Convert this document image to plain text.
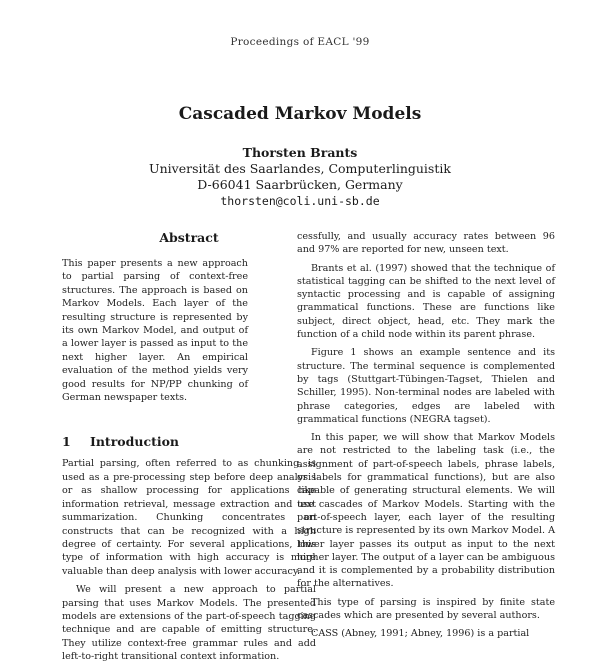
Proceedings of EACL '99
Cascaded Markov Models
Thorsten Brants
Universität des Saarlandes, Computerlinguistik
D-66041 Saarbrücken, Germany
thorsten@coli.uni-sb.de
Abstract

This paper presents a new approach to partial parsing of context-free structures. The approach is based on Markov Models. Each layer of the resulting structure is represented by its own Markov Model, and output of a lower layer is passed as input to the next higher layer. An empirical evaluation of the method yields very good results for NP/PP chunking of German newspaper texts.

1 Introduction

Partial parsing, often referred to as chunking, is used as a pre-processing step before deep analysis or as shallow processing for applications like information retrieval, message extraction and text summarization. Chunking concentrates on constructs that can be recognized with a high degree of certainty. For several applications, this type of information with high accuracy is more valuable than deep analysis with lower accuracy.

We will present a new approach to partial parsing that uses Markov Models. The presented models are extensions of the part-of-speech tagging technique and are capable of emitting structure. They utilize context-free grammar rules and add left-to-right transitional context information.

cessfully, and usually accuracy rates between 96 and 97% are reported for new, unseen text.

Brants et al. (1997) showed that the technique of statistical tagging can be shifted to the next level of syntactic processing and is capable of assigning grammatical functions. These are functions like subject, direct object, head, etc. They mark the function of a child node within its parent phrase.

Figure 1 shows an example sentence and its structure. The terminal sequence is complemented by tags (Stuttgart-Tübingen-Tagset, Thielen and Schiller, 1995). Non-terminal nodes are labeled with phrase categories, edges are labeled with grammatical functions (NEGRA tagset).

In this paper, we will show that Markov Models are not restricted to the labeling task (i.e., the assignment of part-of-speech labels, phrase labels, or labels for grammatical functions), but are also capable of generating structural elements. We will use cascades of Markov Models. Starting with the part-of-speech layer, each layer of the resulting structure is represented by its own Markov Model. A lower layer passes its output as input to the next higher layer. The output of a layer can be ambiguous and it is complemented by a probability distribution for the alternatives.

This type of parsing is inspired by finite state cascades which are presented by several authors.

CASS (Abney, 1991; Abney, 1996) is a partial
